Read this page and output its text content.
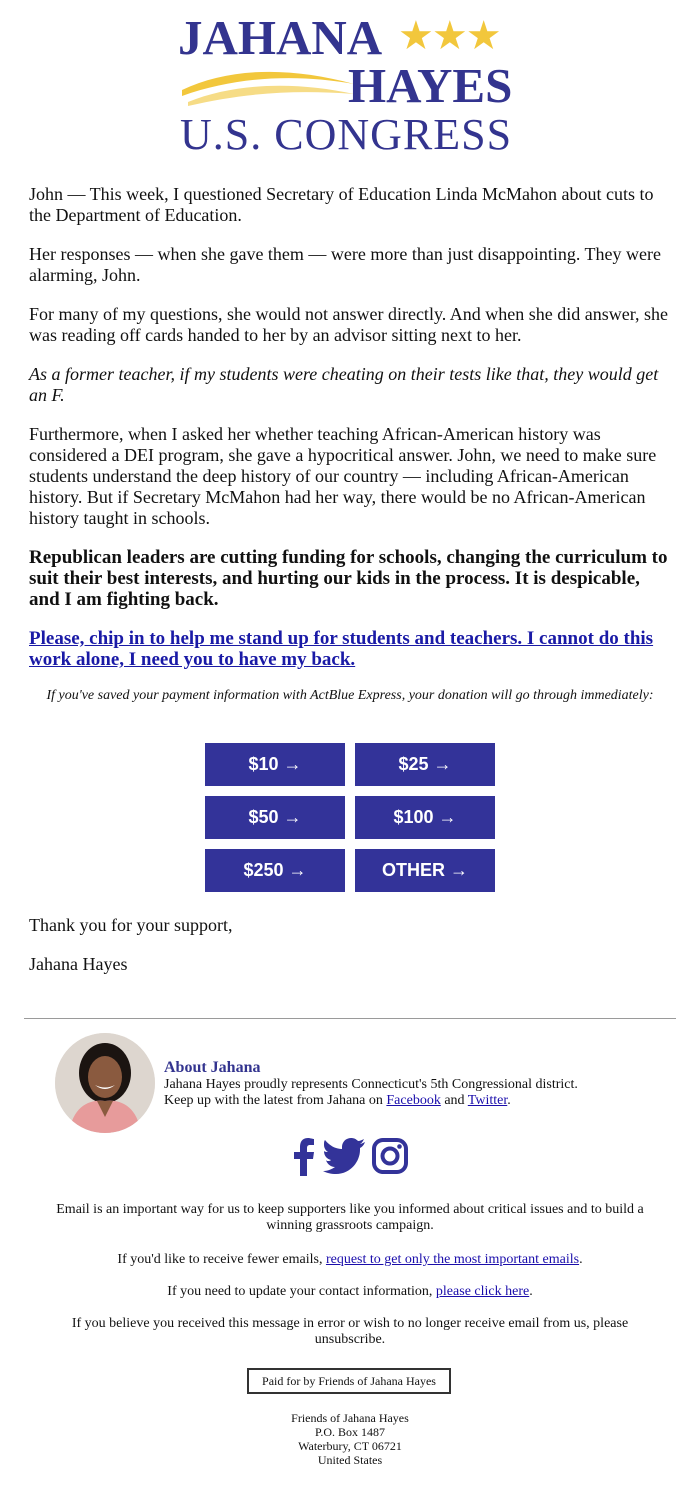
JAHANA ★★★
HAYES
U.S. CONGRESS

John — This week, I questioned Secretary of Education Linda McMahon about cuts to the Department of Education.

Her responses — when she gave them — were more than just disappointing. They were alarming, John.

For many of my questions, she would not answer directly. And when she did answer, she was reading off cards handed to her by an advisor sitting next to her.

As a former teacher, if my students were cheating on their tests like that, they would get an F.

Furthermore, when I asked her whether teaching African-American history was considered a DEI program, she gave a hypocritical answer. John, we need to make sure students understand the deep history of our country — including African-American history. But if Secretary McMahon had her way, there would be no African-American history taught in schools.

Republican leaders are cutting funding for schools, changing the curriculum to suit their best interests, and hurting our kids in the process. It is despicable, and I am fighting back.

Please, chip in to help me stand up for students and teachers. I cannot do this work alone, I need you to have my back.

If you've saved your payment information with ActBlue Express, your donation will go through immediately:
$10 →	$25 →
$50 →	$100 →
$250 →	OTHER →

Thank you for your support,

Jahana Hayes

About Jahana
Jahana Hayes proudly represents Connecticut's 5th Congressional district.
Keep up with the latest from Jahana on Facebook and Twitter.
Email is an important way for us to keep supporters like you informed about critical issues and to build a winning grassroots campaign.
If you'd like to receive fewer emails, request to get only the most important emails.
If you need to update your contact information, please click here.
If you believe you received this message in error or wish to no longer receive email from us, please unsubscribe.
Paid for by Friends of Jahana Hayes
Friends of Jahana Hayes
P.O. Box 1487
Waterbury, CT 06721
United States
